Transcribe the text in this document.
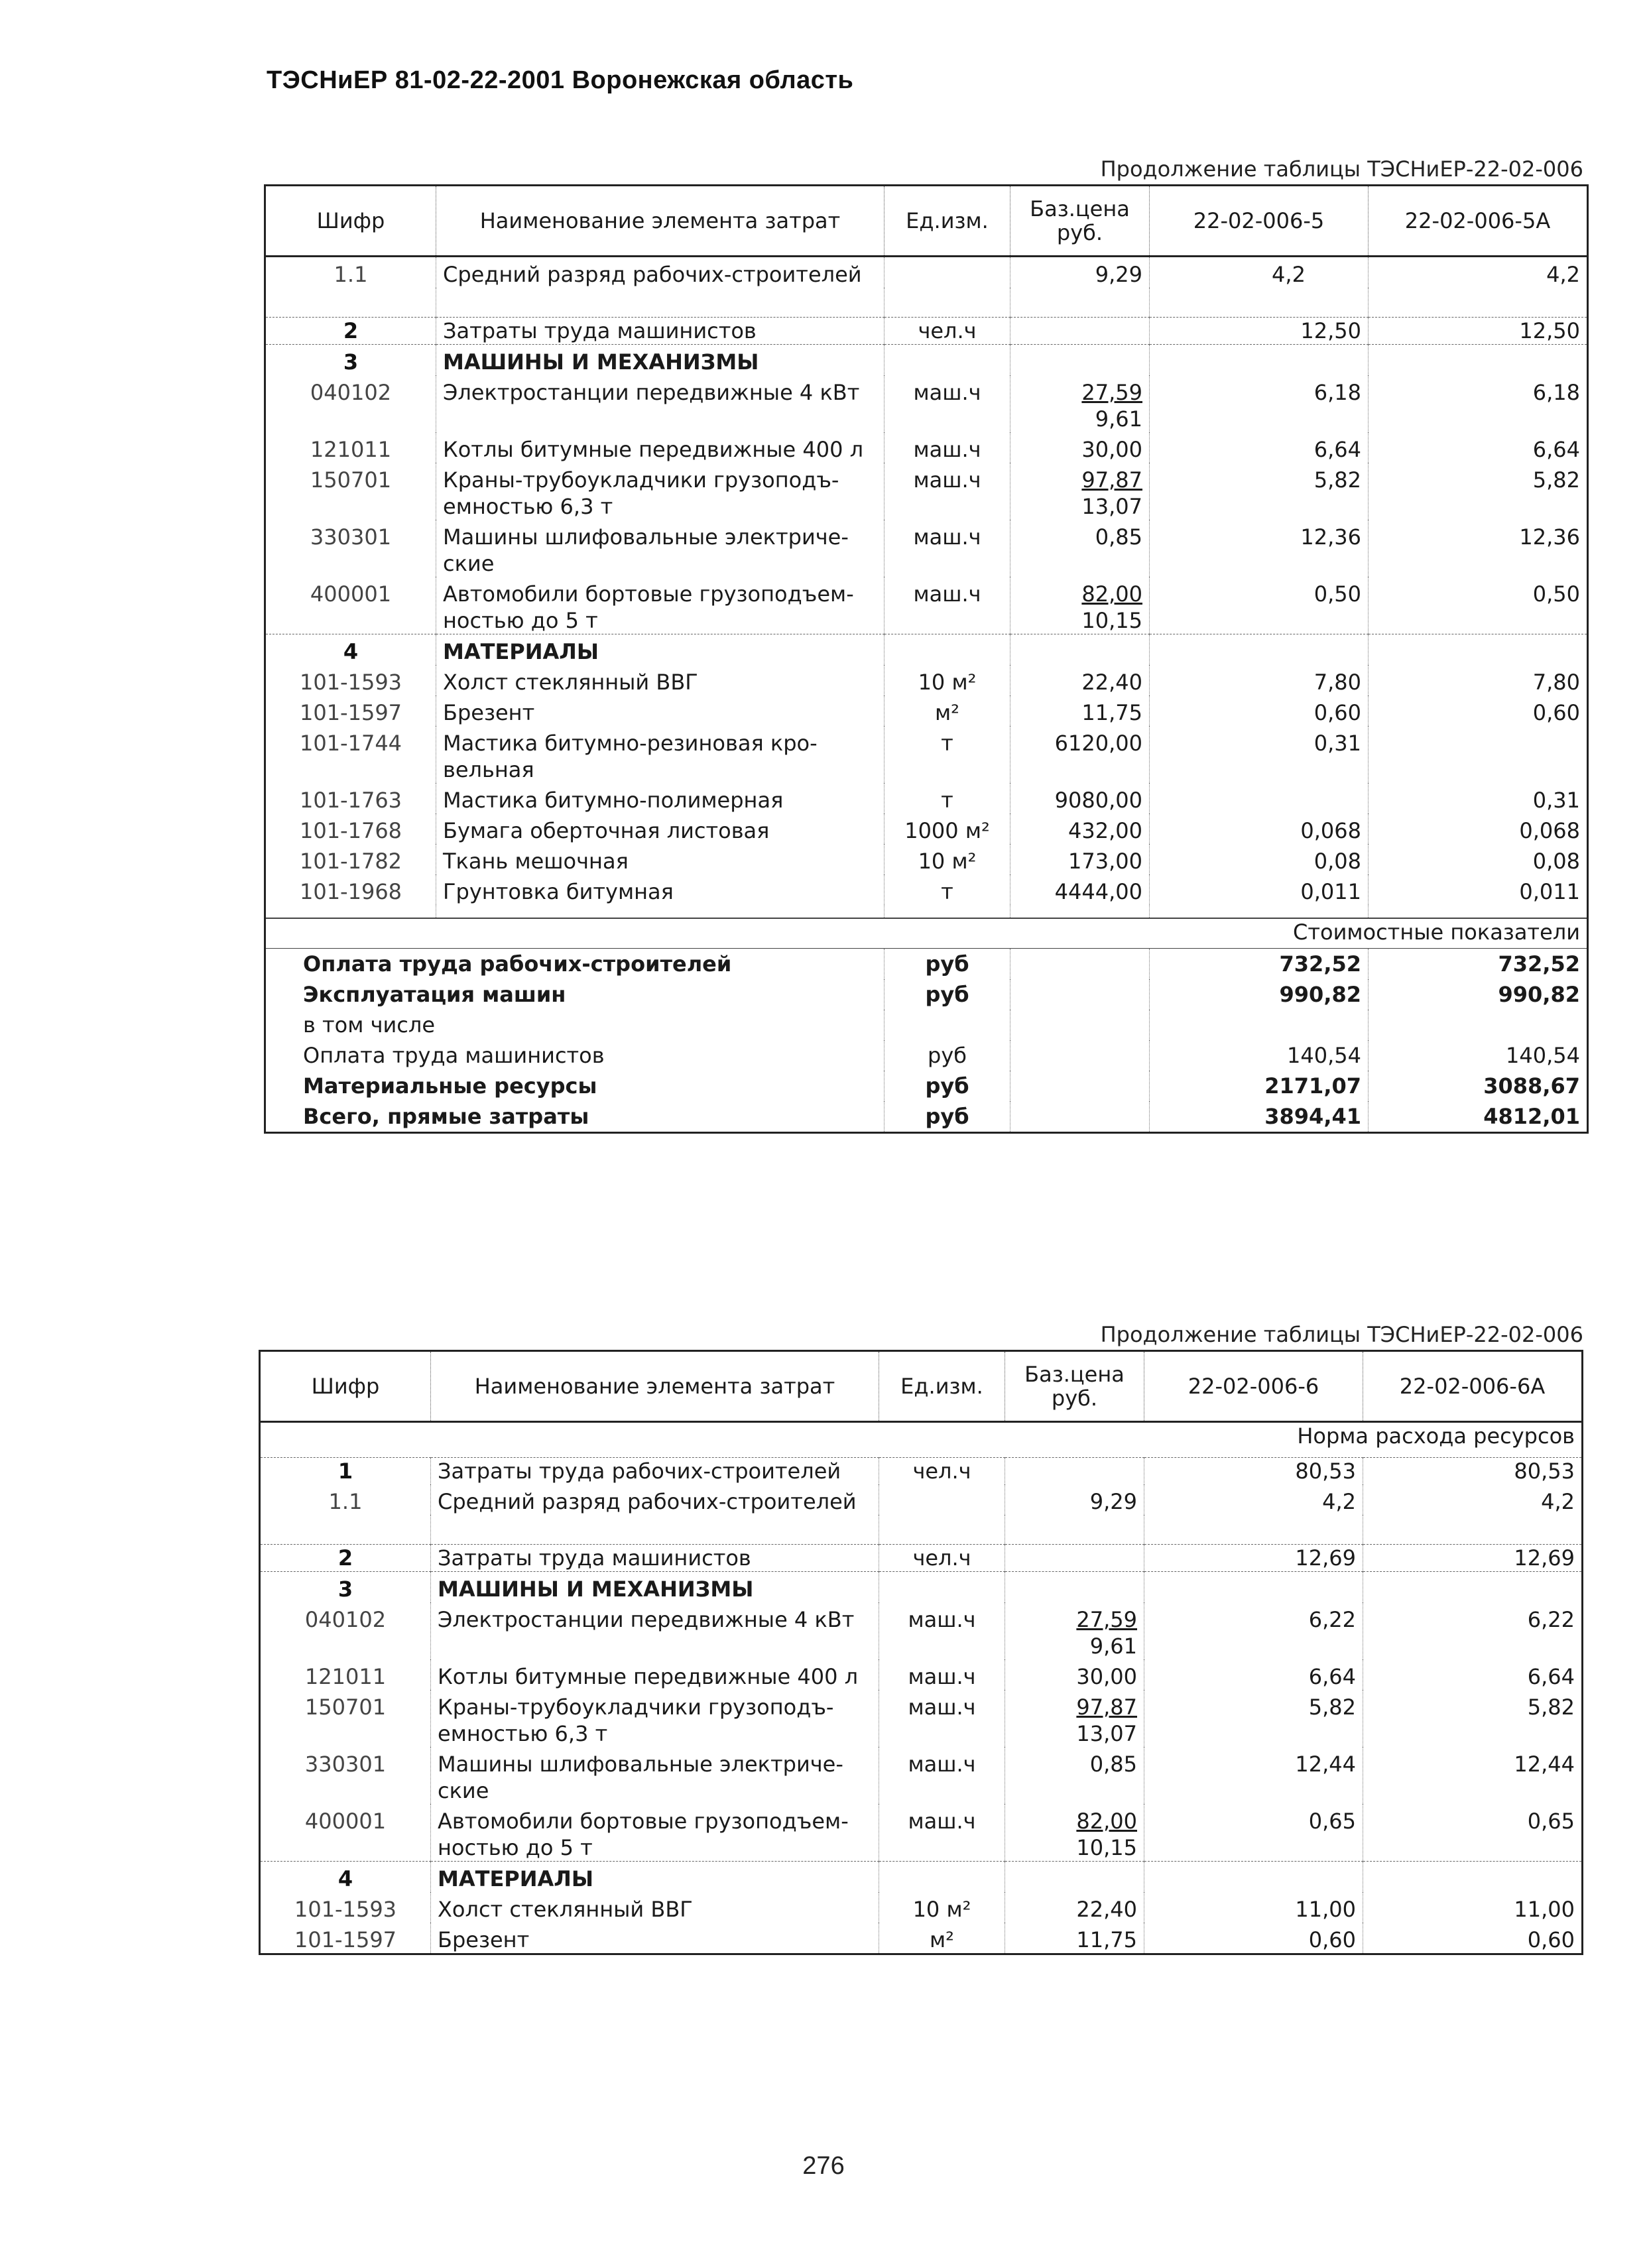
ТЭСНиЕР 81-02-22-2001 Воронежская область
Продолжение таблицы ТЭСНиЕР-22-02-006
Шифр	Наименование элемента затрат	Ед.изм.	Баз.цена руб.	22-02-006-5	22-02-006-5А
1.1	Средний разряд рабочих-строителей		9,29	4,2	4,2

2	Затраты труда машинистов	чел.ч		12,50	12,50
3	МАШИНЫ И МЕХАНИЗМЫ				
040102	Электростанции передвижные 4 кВт	маш.ч	27,59
9,61	6,18	6,18
121011	Котлы битумные передвижные 400 л	маш.ч	30,00	6,64	6,64
150701	Краны-трубоукладчики грузоподъ-
емностью 6,3 т	маш.ч	97,87
13,07	5,82	5,82
330301	Машины шлифовальные электриче-
ские	маш.ч	0,85	12,36	12,36
400001	Автомобили бортовые грузоподъем-
ностью до 5 т	маш.ч	82,00
10,15	0,50	0,50
4	МАТЕРИАЛЫ				
101-1593	Холст стеклянный ВВГ	10 м²	22,40	7,80	7,80
101-1597	Брезент	м²	11,75	0,60	0,60
101-1744	Мастика битумно-резиновая кро-
вельная	т	6120,00	0,31	
101-1763	Мастика битумно-полимерная	т	9080,00		0,31
101-1768	Бумага оберточная листовая	1000 м²	432,00	0,068	0,068
101-1782	Ткань мешочная	10 м²	173,00	0,08	0,08
101-1968	Грунтовка битумная	т	4444,00	0,011	0,011

Стоимостные показатели					
Оплата труда рабочих-строителей		руб		732,52	732,52
Эксплуатация машин		руб		990,82	990,82
в том числе					
Оплата труда машинистов		руб		140,54	140,54
Материальные ресурсы		руб		2171,07	3088,67
Всего, прямые затраты		руб		3894,41	4812,01
Продолжение таблицы ТЭСНиЕР-22-02-006
Шифр	Наименование элемента затрат	Ед.изм.	Баз.цена руб.	22-02-006-6	22-02-006-6А
Норма расхода ресурсов					
1	Затраты труда рабочих-строителей	чел.ч		80,53	80,53
1.1	Средний разряд рабочих-строителей		9,29	4,2	4,2

2	Затраты труда машинистов	чел.ч		12,69	12,69
3	МАШИНЫ И МЕХАНИЗМЫ				
040102	Электростанции передвижные 4 кВт	маш.ч	27,59
9,61	6,22	6,22
121011	Котлы битумные передвижные 400 л	маш.ч	30,00	6,64	6,64
150701	Краны-трубоукладчики грузоподъ-
емностью 6,3 т	маш.ч	97,87
13,07	5,82	5,82
330301	Машины шлифовальные электриче-
ские	маш.ч	0,85	12,44	12,44
400001	Автомобили бортовые грузоподъем-
ностью до 5 т	маш.ч	82,00
10,15	0,65	0,65
4	МАТЕРИАЛЫ				
101-1593	Холст стеклянный ВВГ	10 м²	22,40	11,00	11,00
101-1597	Брезент	м²	11,75	0,60	0,60
276
